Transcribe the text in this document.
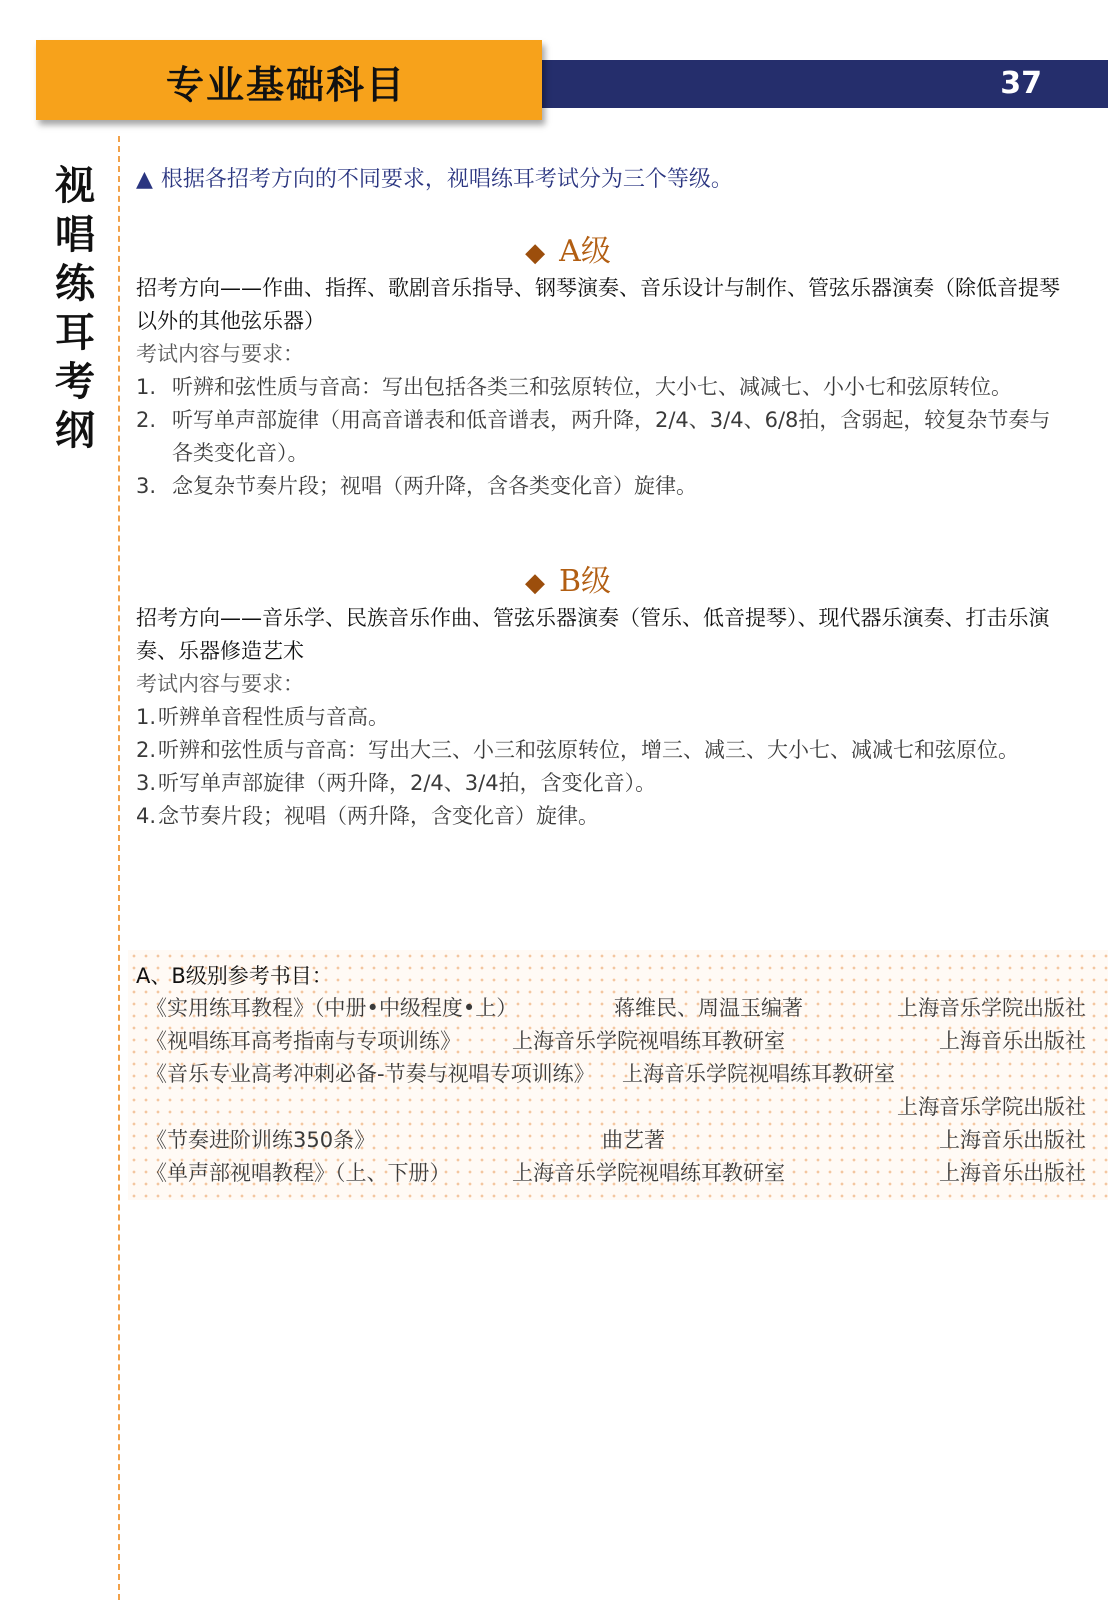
37
专业基础科目
视
唱
练
耳
考
纲
▲ 根据各招考方向的不同要求，视唱练耳考试分为三个等级。
◆ A级
招考方向——作曲、指挥、歌剧音乐指导、钢琴演奏、音乐设计与制作、管弦乐器演奏（除低音提琴以外的其他弦乐器）
考试内容与要求：
1. 听辨和弦性质与音高：写出包括各类三和弦原转位，大小七、减减七、小小七和弦原转位。
2. 听写单声部旋律（用高音谱表和低音谱表，两升降，2/4、3/4、6/8拍，含弱起，较复杂节奏与各类变化音）。
3. 念复杂节奏片段；视唱（两升降，含各类变化音）旋律。
◆ B级
招考方向——音乐学、民族音乐作曲、管弦乐器演奏（管乐、低音提琴）、现代器乐演奏、打击乐演奏、乐器修造艺术
考试内容与要求：
1. 听辨单音程性质与音高。
2. 听辨和弦性质与音高：写出大三、小三和弦原转位，增三、减三、大小七、减减七和弦原位。
3. 听写单声部旋律（两升降，2/4、3/4拍，含变化音）。
4. 念节奏片段；视唱（两升降，含变化音）旋律。
A、B级别参考书目：
《实用练耳教程》（中册•中级程度•上）	蒋维民、周温玉编著	上海音乐学院出版社
《视唱练耳高考指南与专项训练》 上海音乐学院视唱练耳教研室	上海音乐出版社
《音乐专业高考冲刺必备-节奏与视唱专项训练》 上海音乐学院视唱练耳教研室
上海音乐学院出版社
《节奏进阶训练350条》	曲艺著	上海音乐出版社
《单声部视唱教程》（上、下册）	上海音乐学院视唱练耳教研室	上海音乐出版社
